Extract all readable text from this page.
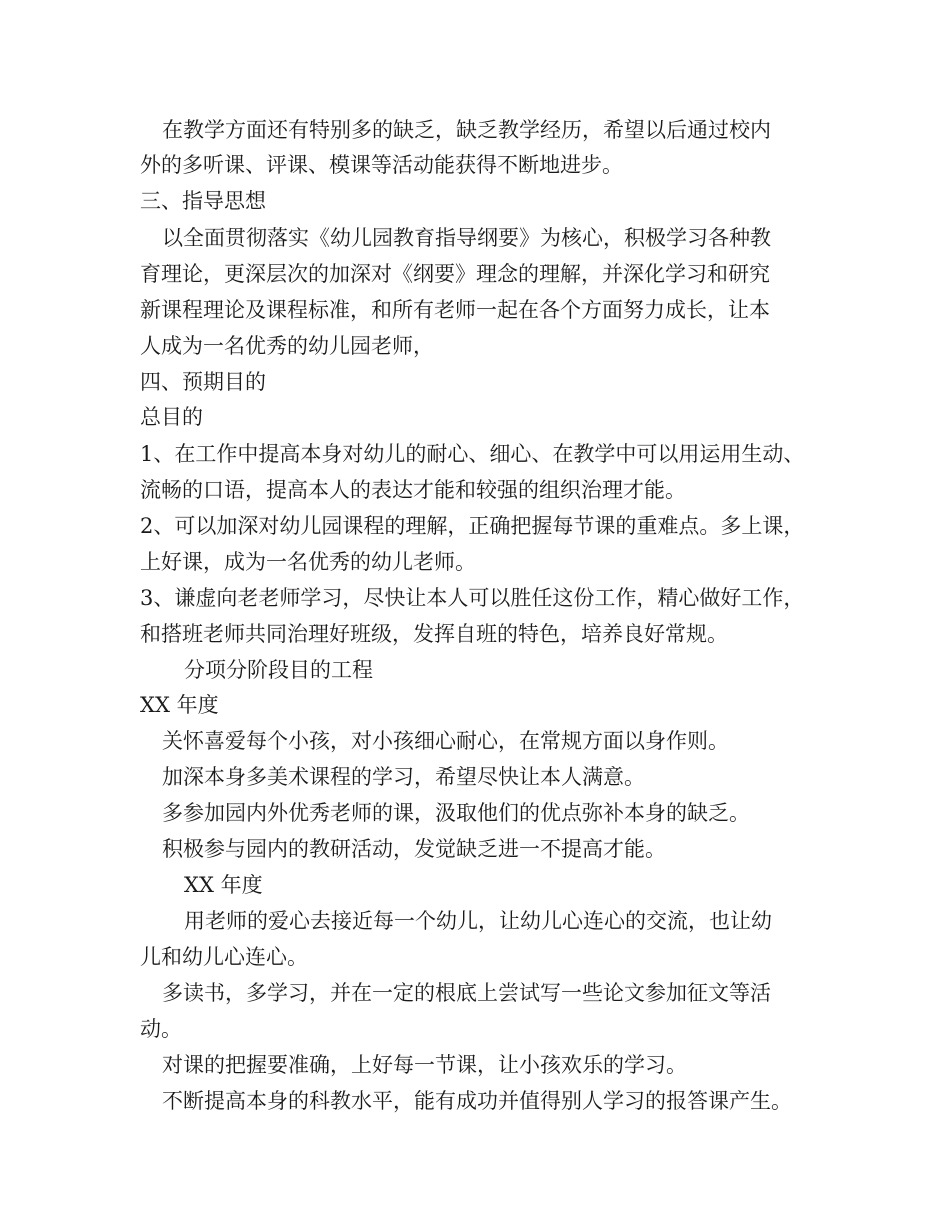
在教学方面还有特别多的缺乏，缺乏教学经历，希望以后通过校内

外的多听课、评课、模课等活动能获得不断地进步。

三、指导思想

以全面贯彻落实《幼儿园教育指导纲要》为核心，积极学习各种教

育理论，更深层次的加深对《纲要》理念的理解，并深化学习和研究

新课程理论及课程标准，和所有老师一起在各个方面努力成长，让本

人成为一名优秀的幼儿园老师，

四、预期目的

总目的

1、在工作中提高本身对幼儿的耐心、细心、在教学中可以用运用生动、

流畅的口语，提高本人的表达才能和较强的组织治理才能。

2、可以加深对幼儿园课程的理解，正确把握每节课的重难点。多上课，

上好课，成为一名优秀的幼儿老师。

3、谦虚向老老师学习，尽快让本人可以胜任这份工作，精心做好工作，

和搭班老师共同治理好班级，发挥自班的特色，培养良好常规。

分项分阶段目的工程

XX 年度

关怀喜爱每个小孩，对小孩细心耐心，在常规方面以身作则。

加深本身多美术课程的学习，希望尽快让本人满意。

多参加园内外优秀老师的课，汲取他们的优点弥补本身的缺乏。

积极参与园内的教研活动，发觉缺乏进一不提高才能。

XX 年度

用老师的爱心去接近每一个幼儿，让幼儿心连心的交流，也让幼

儿和幼儿心连心。

多读书，多学习，并在一定的根底上尝试写一些论文参加征文等活

动。

对课的把握要准确，上好每一节课，让小孩欢乐的学习。

不断提高本身的科教水平，能有成功并值得别人学习的报答课产生。
